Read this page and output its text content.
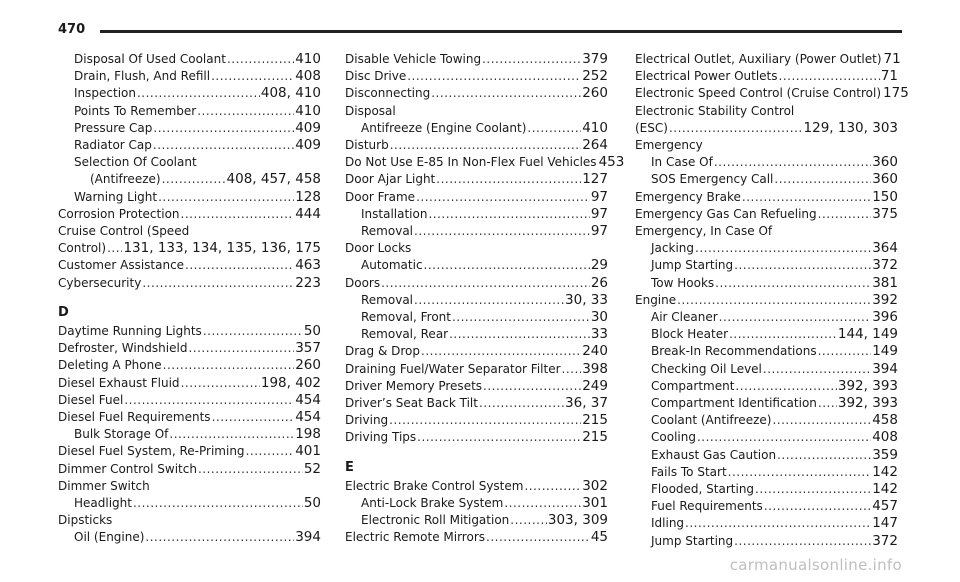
470
Disposal Of Used Coolant .....	410
Drain, Flush, And Refill .....	408
Inspection .....	408, 410
Points To Remember .....	410
Pressure Cap .....	409
Radiator Cap .....	409
Selection Of Coolant
(Antifreeze) .....	408, 457, 458
Warning Light .....	128
Corrosion Protection .....	444
Cruise Control (Speed
Control) ..... 131, 133, 134, 135, 136, 175
Customer Assistance .....	463
Cybersecurity .....	223
D
Daytime Running Lights .....	50
Defroster, Windshield .....	357
Deleting A Phone .....	260
Diesel Exhaust Fluid .....	198, 402
Diesel Fuel .....	454
Diesel Fuel Requirements .....	454
Bulk Storage Of .....	198
Diesel Fuel System, Re-Priming .....	401
Dimmer Control Switch .....	52
Dimmer Switch
Headlight .....	50
Dipsticks
Oil (Engine) .....	394
Disable Vehicle Towing .....	379
Disc Drive .....	252
Disconnecting .....	260
Disposal
Antifreeze (Engine Coolant) .....	410
Disturb .....	264
Do Not Use E-85 In Non-Flex Fuel Vehicles 453
Door Ajar Light .....	127
Door Frame .....	97
Installation .....	97
Removal .....	97
Door Locks
Automatic .....	29
Doors .....	26
Removal .....	30, 33
Removal, Front .....	30
Removal, Rear .....	33
Drag & Drop .....	240
Draining Fuel/Water Separator Filter ..... 398
Driver Memory Presets .....	249
Driver’s Seat Back Tilt .....	36, 37
Driving .....	215
Driving Tips .....	215
E
Electric Brake Control System .....	302
Anti-Lock Brake System .....	301
Electronic Roll Mitigation .....	303, 309
Electric Remote Mirrors .....	45
Electrical Outlet, Auxiliary (Power Outlet) 71
Electrical Power Outlets .....	71
Electronic Speed Control (Cruise Control) 175
Electronic Stability Control
(ESC) .....	129, 130, 303
Emergency
In Case Of .....	360
SOS Emergency Call .....	360
Emergency Brake .....	150
Emergency Gas Can Refueling .....	375
Emergency, In Case Of
Jacking .....	364
Jump Starting .....	372
Tow Hooks .....	381
Engine .....	392
Air Cleaner .....	396
Block Heater .....	144, 149
Break-In Recommendations .....	149
Checking Oil Level .....	394
Compartment .....	392, 393
Compartment Identification ..... 392, 393
Coolant (Antifreeze) .....	458
Cooling .....	408
Exhaust Gas Caution .....	359
Fails To Start .....	142
Flooded, Starting .....	142
Fuel Requirements .....	457
Idling .....	147
Jump Starting .....	372
carmanualsonline.info
